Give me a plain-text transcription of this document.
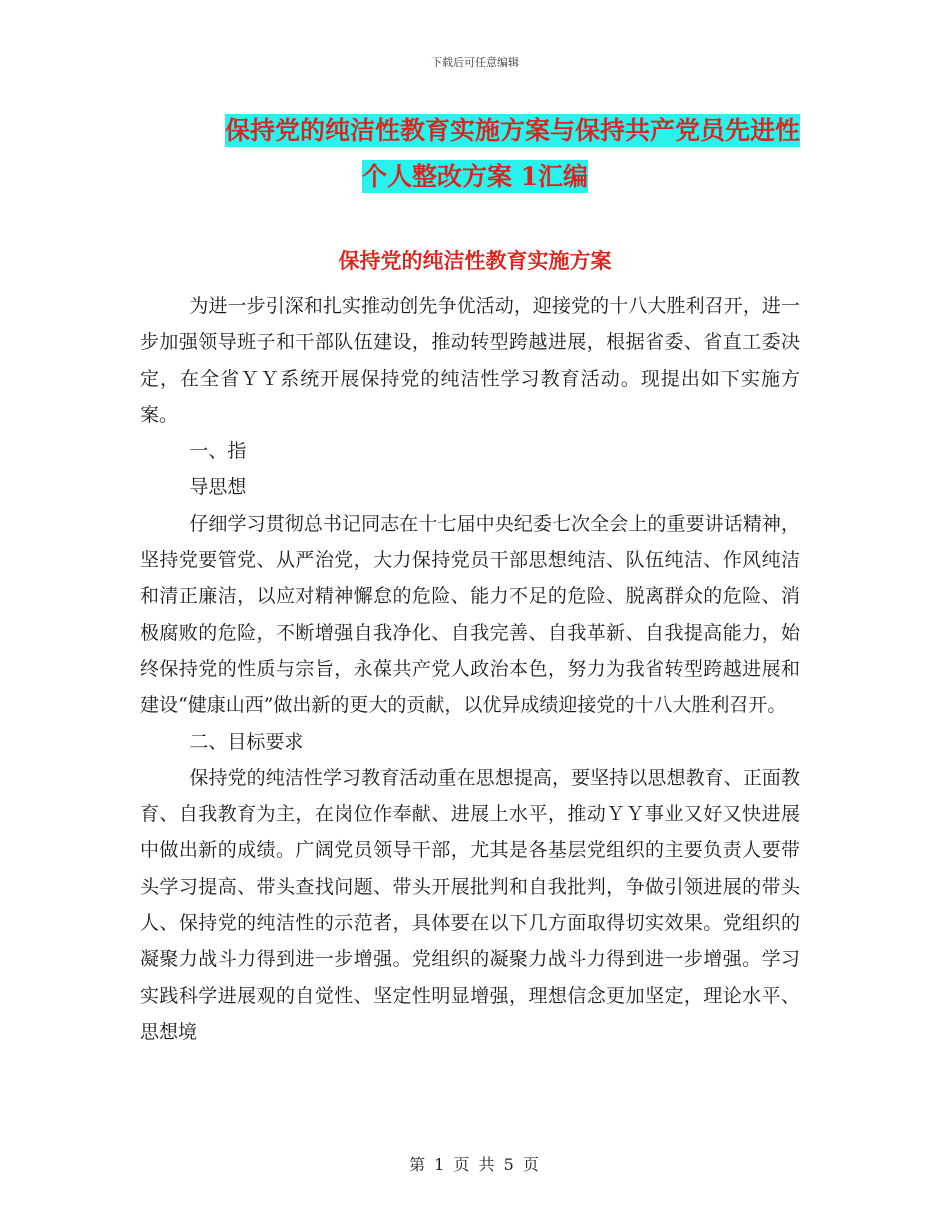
下载后可任意编辑
保持党的纯洁性教育实施方案与保持共产党员先进性
个人整改方案 1汇编
保持党的纯洁性教育实施方案

为进一步引深和扎实推动创先争优活动，迎接党的十八大胜利召开，进一步加强领导班子和干部队伍建设，推动转型跨越进展，根据省委、省直工委决定，在全省ＹＹ系统开展保持党的纯洁性学习教育活动。现提出如下实施方案。

一、指

导思想

仔细学习贯彻总书记同志在十七届中央纪委七次全会上的重要讲话精神，坚持党要管党、从严治党，大力保持党员干部思想纯洁、队伍纯洁、作风纯洁和清正廉洁，以应对精神懈怠的危险、能力不足的危险、脱离群众的危险、消极腐败的危险，不断增强自我净化、自我完善、自我革新、自我提高能力，始终保持党的性质与宗旨，永葆共产党人政治本色，努力为我省转型跨越进展和建设“健康山西”做出新的更大的贡献，以优异成绩迎接党的十八大胜利召开。

二、目标要求

保持党的纯洁性学习教育活动重在思想提高，要坚持以思想教育、正面教育、自我教育为主，在岗位作奉献、进展上水平，推动ＹＹ事业又好又快进展中做出新的成绩。广阔党员领导干部，尤其是各基层党组织的主要负责人要带头学习提高、带头查找问题、带头开展批判和自我批判，争做引领进展的带头人、保持党的纯洁性的示范者，具体要在以下几方面取得切实效果。党组织的凝聚力战斗力得到进一步增强。党组织的凝聚力战斗力得到进一步增强。学习实践科学进展观的自觉性、坚定性明显增强，理想信念更加坚定，理论水平、思想境

第 1 页 共 5 页
